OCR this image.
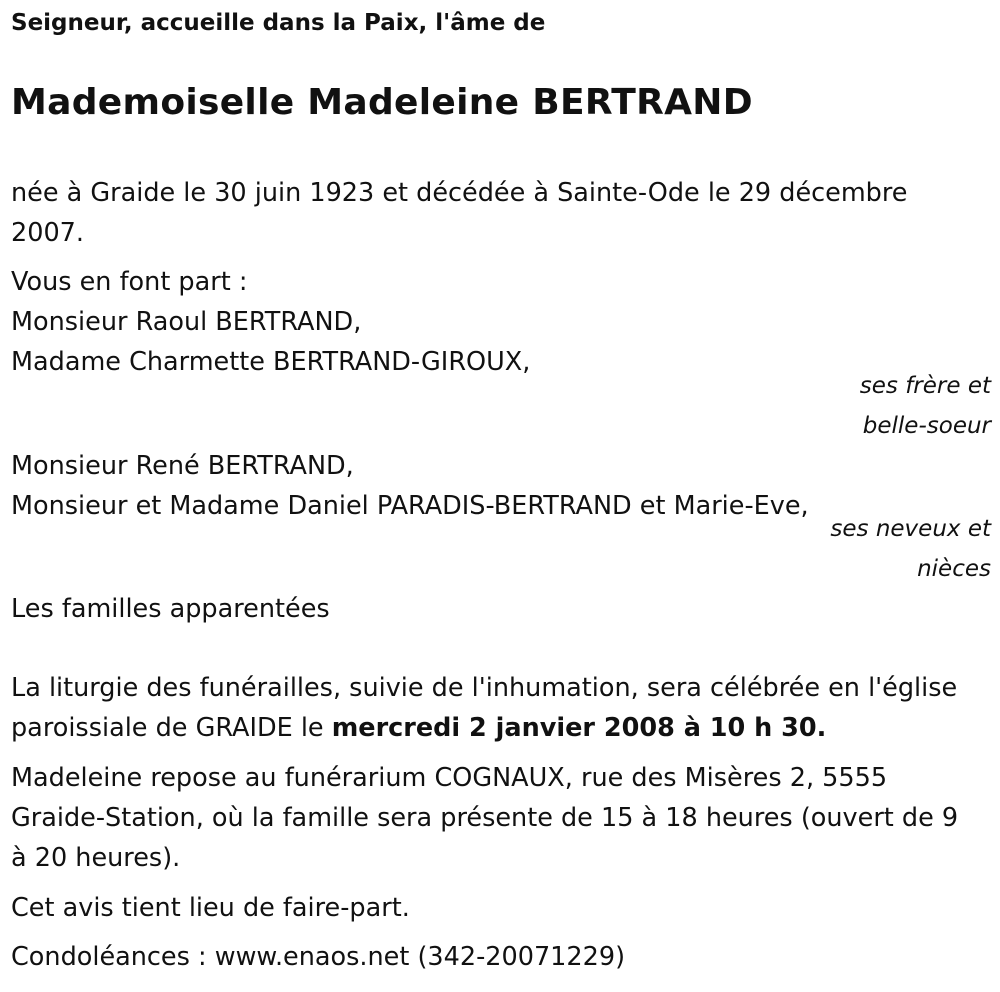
Seigneur, accueille dans la Paix, l'âme de
Mademoiselle Madeleine BERTRAND
née à Graide le 30 juin 1923 et décédée à Sainte-Ode le 29 décembre
2007.
Vous en font part :
Monsieur Raoul BERTRAND,
Madame Charmette BERTRAND-GIROUX,
ses frère et
belle-soeur
Monsieur René BERTRAND,
Monsieur et Madame Daniel PARADIS-BERTRAND et Marie-Eve,
ses neveux et
nièces
Les familles apparentées
La liturgie des funérailles, suivie de l'inhumation, sera célébrée en l'église
paroissiale de GRAIDE le mercredi 2 janvier 2008 à 10 h 30.
Madeleine repose au funérarium COGNAUX, rue des Misères 2, 5555
Graide-Station, où la famille sera présente de 15 à 18 heures (ouvert de 9
à 20 heures).
Cet avis tient lieu de faire-part.
Condoléances : www.enaos.net (342-20071229)
